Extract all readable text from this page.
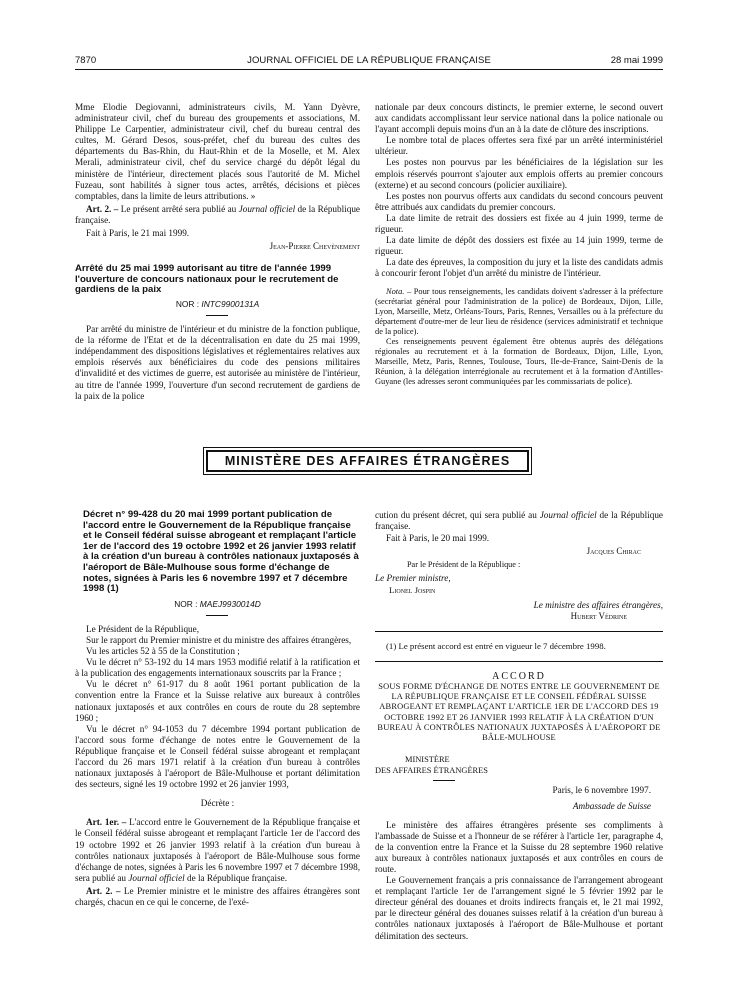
7870	JOURNAL OFFICIEL DE LA RÉPUBLIQUE FRANÇAISE	28 mai 1999

Mme Elodie Degiovanni, administrateurs civils, M. Yann Dyèvre, administrateur civil, chef du bureau des groupements et associations, M. Philippe Le Carpentier, administrateur civil, chef du bureau central des cultes, M. Gérard Desos, sous-préfet, chef du bureau des cultes des départements du Bas-Rhin, du Haut-Rhin et de la Moselle, et M. Alex Merali, administrateur civil, chef du service chargé du dépôt légal du ministère de l'intérieur, directement placés sous l'autorité de M. Michel Fuzeau, sont habilités à signer tous actes, arrêtés, décisions et pièces comptables, dans la limite de leurs attributions. »

Art. 2. – Le présent arrêté sera publié au Journal officiel de la République française.

Fait à Paris, le 21 mai 1999.

Jean-Pierre Chevènement

Arrêté du 25 mai 1999 autorisant au titre de l'année 1999 l'ouverture de concours nationaux pour le recrutement de gardiens de la paix

NOR : INTC9900131A

Par arrêté du ministre de l'intérieur et du ministre de la fonction publique, de la réforme de l'Etat et de la décentralisation en date du 25 mai 1999, indépendamment des dispositions législatives et réglementaires relatives aux emplois réservés aux bénéficiaires du code des pensions militaires d'invalidité et des victimes de guerre, est autorisée au ministère de l'intérieur, au titre de l'année 1999, l'ouverture d'un second recrutement de gardiens de la paix de la police

nationale par deux concours distincts, le premier externe, le second ouvert aux candidats accomplissant leur service national dans la police nationale ou l'ayant accompli depuis moins d'un an à la date de clôture des inscriptions.

Le nombre total de places offertes sera fixé par un arrêté interministériel ultérieur.

Les postes non pourvus par les bénéficiaires de la législation sur les emplois réservés pourront s'ajouter aux emplois offerts au premier concours (externe) et au second concours (policier auxiliaire).

Les postes non pourvus offerts aux candidats du second concours peuvent être attribués aux candidats du premier concours.

La date limite de retrait des dossiers est fixée au 4 juin 1999, terme de rigueur.

La date limite de dépôt des dossiers est fixée au 14 juin 1999, terme de rigueur.

La date des épreuves, la composition du jury et la liste des candidats admis à concourir feront l'objet d'un arrêté du ministre de l'intérieur.

Nota. – Pour tous renseignements, les candidats doivent s'adresser à la préfecture (secrétariat général pour l'administration de la police) de Bordeaux, Dijon, Lille, Lyon, Marseille, Metz, Orléans-Tours, Paris, Rennes, Versailles ou à la préfecture du département d'outre-mer de leur lieu de résidence (services administratif et technique de la police).

Ces renseignements peuvent également être obtenus auprès des délégations régionales au recrutement et à la formation de Bordeaux, Dijon, Lille, Lyon, Marseille, Metz, Paris, Rennes, Toulouse, Tours, Ile-de-France, Saint-Denis de la Réunion, à la délégation interrégionale au recrutement et à la formation d'Antilles-Guyane (les adresses seront communiquées par les commissariats de police).

MINISTÈRE DES AFFAIRES ÉTRANGÈRES

Décret n° 99-428 du 20 mai 1999 portant publication de l'accord entre le Gouvernement de la République française et le Conseil fédéral suisse abrogeant et remplaçant l'article 1er de l'accord des 19 octobre 1992 et 26 janvier 1993 relatif à la création d'un bureau à contrôles nationaux juxtaposés à l'aéroport de Bâle-Mulhouse sous forme d'échange de notes, signées à Paris les 6 novembre 1997 et 7 décembre 1998 (1)

NOR : MAEJ9930014D

Le Président de la République,

Sur le rapport du Premier ministre et du ministre des affaires étrangères,

Vu les articles 52 à 55 de la Constitution ;

Vu le décret n° 53-192 du 14 mars 1953 modifié relatif à la ratification et à la publication des engagements internationaux souscrits par la France ;

Vu le décret n° 61-917 du 8 août 1961 portant publication de la convention entre la France et la Suisse relative aux bureaux à contrôles nationaux juxtaposés et aux contrôles en cours de route du 28 septembre 1960 ;

Vu le décret n° 94-1053 du 7 décembre 1994 portant publication de l'accord sous forme d'échange de notes entre le Gouvernement de la République française et le Conseil fédéral suisse abrogeant et remplaçant l'accord du 26 mars 1971 relatif à la création d'un bureau à contrôles nationaux juxtaposés à l'aéroport de Bâle-Mulhouse et portant délimitation des secteurs, signé les 19 octobre 1992 et 26 janvier 1993,

Décrète :

Art. 1er. – L'accord entre le Gouvernement de la République française et le Conseil fédéral suisse abrogeant et remplaçant l'article 1er de l'accord des 19 octobre 1992 et 26 janvier 1993 relatif à la création d'un bureau à contrôles nationaux juxtaposés à l'aéroport de Bâle-Mulhouse sous forme d'échange de notes, signées à Paris les 6 novembre 1997 et 7 décembre 1998, sera publié au Journal officiel de la République française.

Art. 2. – Le Premier ministre et le ministre des affaires étrangères sont chargés, chacun en ce qui le concerne, de l'exé-

cution du présent décret, qui sera publié au Journal officiel de la République française.

Fait à Paris, le 20 mai 1999.

Jacques Chirac

Par le Président de la République :

Le Premier ministre,

Lionel Jospin

Le ministre des affaires étrangères,

Hubert Védrine

(1) Le présent accord est entré en vigueur le 7 décembre 1998.

ACCORD

SOUS FORME D'ÉCHANGE DE NOTES ENTRE LE GOUVERNEMENT DE LA RÉPUBLIQUE FRANÇAISE ET LE CONSEIL FÉDÉRAL SUISSE ABROGEANT ET REMPLAÇANT L'ARTICLE 1ER DE L'ACCORD DES 19 OCTOBRE 1992 ET 26 JANVIER 1993 RELATIF À LA CRÉATION D'UN BUREAU À CONTRÔLES NATIONAUX JUXTAPOSÉS À L'AÉROPORT DE BÂLE-MULHOUSE

MINISTÈRE

DES AFFAIRES ÉTRANGÈRES

Paris, le 6 novembre 1997.

Ambassade de Suisse

Le ministère des affaires étrangères présente ses compliments à l'ambassade de Suisse et a l'honneur de se référer à l'article 1er, paragraphe 4, de la convention entre la France et la Suisse du 28 septembre 1960 relative aux bureaux à contrôles nationaux juxtaposés et aux contrôles en cours de route.

Le Gouvernement français a pris connaissance de l'arrangement abrogeant et remplaçant l'article 1er de l'arrangement signé le 5 février 1992 par le directeur général des douanes et droits indirects français et, le 21 mai 1992, par le directeur général des douanes suisses relatif à la création d'un bureau à contrôles nationaux juxtaposés à l'aéroport de Bâle-Mulhouse et portant délimitation des secteurs.
